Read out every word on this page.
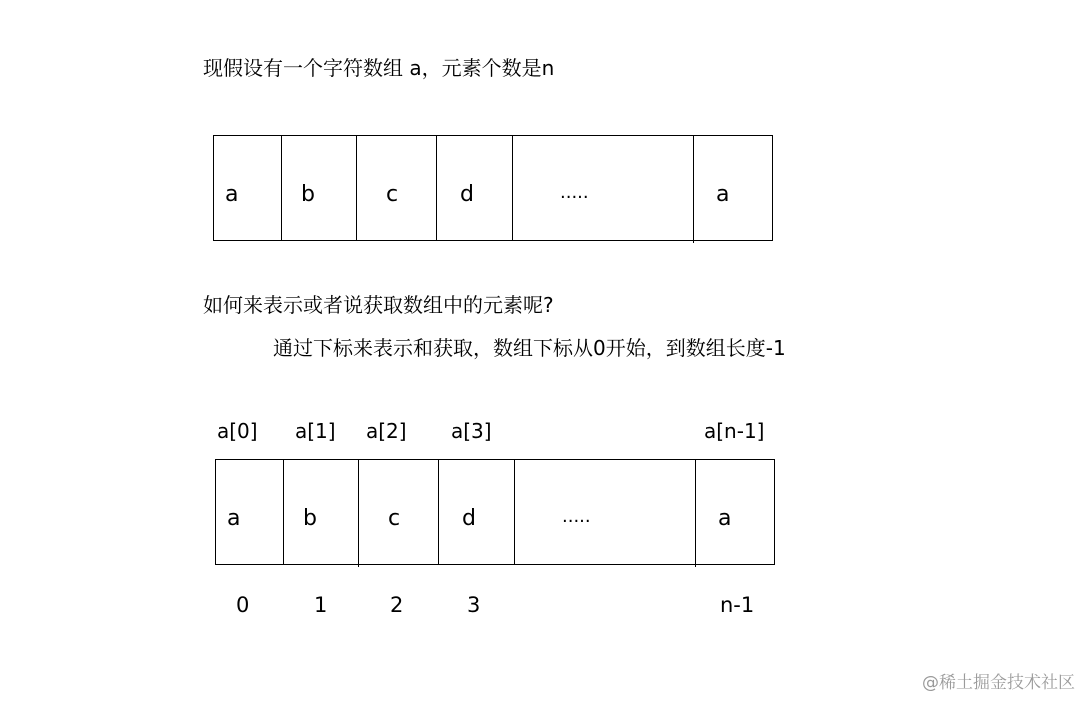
现假设有一个字符数组 a，元素个数是n
a	b	c	d	.....	a
如何来表示或者说获取数组中的元素呢?
通过下标来表示和获取，数组下标从0开始，到数组长度-1
a[0] a[1] a[2] a[3]	a[n-1]
a	b	c	d	.....	a
0	1	2	3	n-1
@稀土掘金技术社区
